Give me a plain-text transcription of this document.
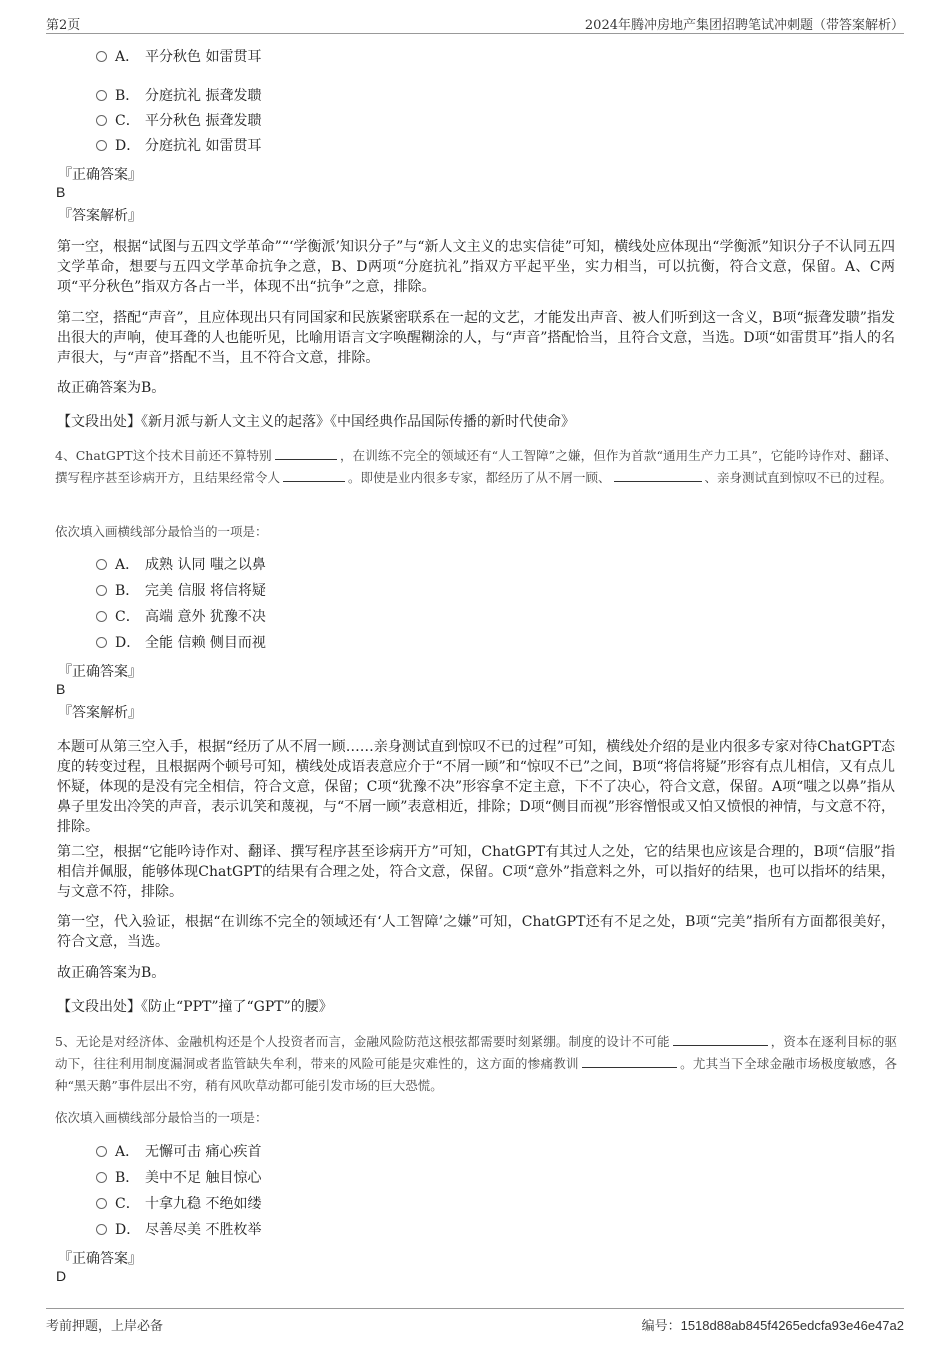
第2页	2024年腾冲房地产集团招聘笔试冲刺题（带答案解析）
A． 平分秋色 如雷贯耳
B． 分庭抗礼 振聋发聩
C． 平分秋色 振聋发聩
D． 分庭抗礼 如雷贯耳
『正确答案』
B
『答案解析』
第一空，根据“试图与五四文学革命”“‘学衡派’知识分子”与“新人文主义的忠实信徒”可知，横线处应体现出“学衡派”知识分子不认同五四文学革命，想要与五四文学革命抗争之意，B、D两项“分庭抗礼”指双方平起平坐，实力相当，可以抗衡，符合文意，保留。A、C两项“平分秋色”指双方各占一半，体现不出“抗争”之意，排除。
第二空，搭配“声音”，且应体现出只有同国家和民族紧密联系在一起的文艺，才能发出声音、被人们听到这一含义，B项“振聋发聩”指发出很大的声响，使耳聋的人也能听见，比喻用语言文字唤醒糊涂的人，与“声音”搭配恰当，且符合文意，当选。D项“如雷贯耳”指人的名声很大，与“声音”搭配不当，且不符合文意，排除。
故正确答案为B。
【文段出处】《新月派与新人文主义的起落》《中国经典作品国际传播的新时代使命》
4、ChatGPT这个技术目前还不算特别	，在训练不完全的领域还有“人工智障”之嫌，但作为首款“通用生产力工具”，它能吟诗作对、翻译、撰写程序甚至诊病开方，且结果经常令人	。即使是业内很多专家，都经历了从不屑一顾、	、亲身测试直到惊叹不已的过程。
依次填入画横线部分最恰当的一项是：
A． 成熟 认同 嗤之以鼻
B． 完美 信服 将信将疑
C． 高端 意外 犹豫不决
D． 全能 信赖 侧目而视
『正确答案』
B
『答案解析』
本题可从第三空入手，根据“经历了从不屑一顾……亲身测试直到惊叹不已的过程”可知，横线处介绍的是业内很多专家对待ChatGPT态度的转变过程，且根据两个顿号可知，横线处成语表意应介于“不屑一顾”和“惊叹不已”之间，B项“将信将疑”形容有点儿相信，又有点儿怀疑，体现的是没有完全相信，符合文意，保留；C项“犹豫不决”形容拿不定主意，下不了决心，符合文意，保留。A项“嗤之以鼻”指从鼻子里发出冷笑的声音，表示讥笑和蔑视，与“不屑一顾”表意相近，排除；D项“侧目而视”形容憎恨或又怕又愤恨的神情，与文意不符，排除。
第二空，根据“它能吟诗作对、翻译、撰写程序甚至诊病开方”可知，ChatGPT有其过人之处，它的结果也应该是合理的，B项“信服”指相信并佩服，能够体现ChatGPT的结果有合理之处，符合文意，保留。C项“意外”指意料之外，可以指好的结果，也可以指坏的结果，与文意不符，排除。
第一空，代入验证，根据“在训练不完全的领域还有‘人工智障’之嫌”可知，ChatGPT还有不足之处，B项“完美”指所有方面都很美好，符合文意，当选。
故正确答案为B。
【文段出处】《防止“PPT”撞了“GPT”的腰》
5、无论是对经济体、金融机构还是个人投资者而言，金融风险防范这根弦都需要时刻紧绷。制度的设计不可能	，资本在逐利目标的驱动下，往往利用制度漏洞或者监管缺失牟利，带来的风险可能是灾难性的，这方面的惨痛教训	。尤其当下全球金融市场极度敏感，各种“黑天鹅”事件层出不穷，稍有风吹草动都可能引发市场的巨大恐慌。
依次填入画横线部分最恰当的一项是：
A． 无懈可击 痛心疾首
B． 美中不足 触目惊心
C． 十拿九稳 不绝如缕
D． 尽善尽美 不胜枚举
『正确答案』
D
考前押题，上岸必备	编号：1518d88ab845f4265edcfa93e46e47a2
